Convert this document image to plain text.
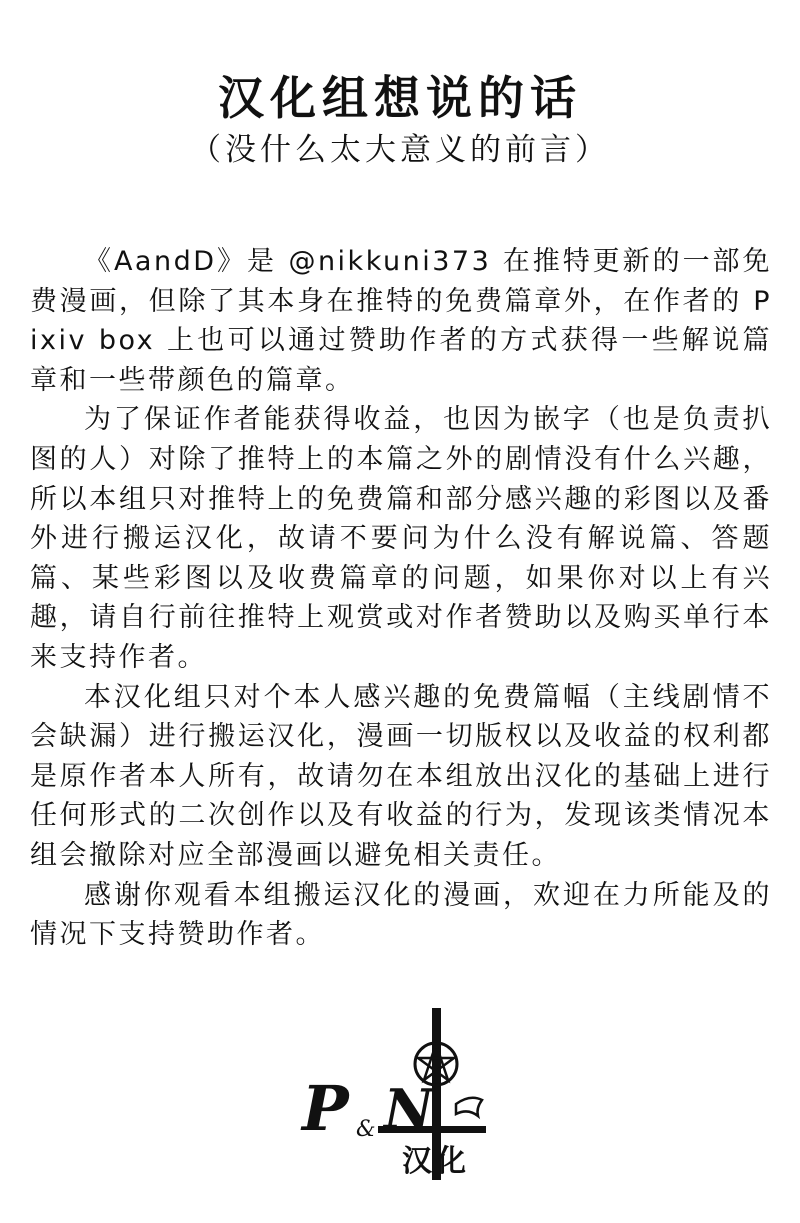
汉化组想说的话
（没什么太大意义的前言）

《AandD》是 @nikkuni373 在推特更新的一部免费漫画，但除了其本身在推特的免费篇章外，在作者的 Pixiv box 上也可以通过赞助作者的方式获得一些解说篇章和一些带颜色的篇章。

为了保证作者能获得收益，也因为嵌字（也是负责扒图的人）对除了推特上的本篇之外的剧情没有什么兴趣，所以本组只对推特上的免费篇和部分感兴趣的彩图以及番外进行搬运汉化，故请不要问为什么没有解说篇、答题篇、某些彩图以及收费篇章的问题，如果你对以上有兴趣，请自行前往推特上观赏或对作者赞助以及购买单行本来支持作者。

本汉化组只对个本人感兴趣的免费篇幅（主线剧情不会缺漏）进行搬运汉化，漫画一切版权以及收益的权利都是原作者本人所有，故请勿在本组放出汉化的基础上进行任何形式的二次创作以及有收益的行为，发现该类情况本组会撤除对应全部漫画以避免相关责任。

感谢你观看本组搬运汉化的漫画，欢迎在力所能及的情况下支持赞助作者。

P & N
汉化
